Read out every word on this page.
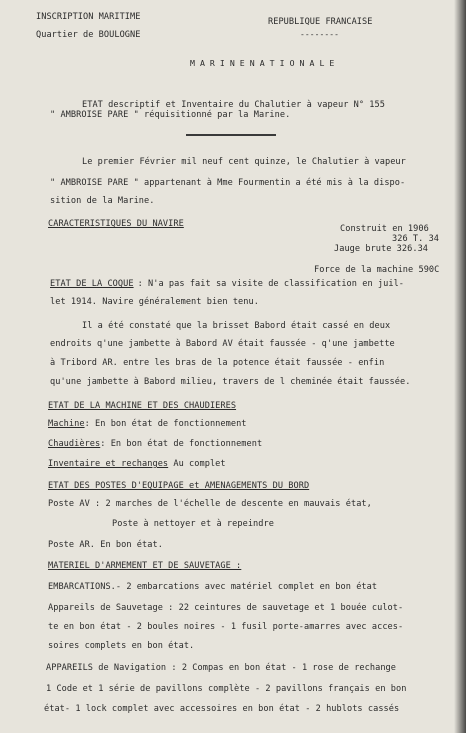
INSCRIPTION MARITIME
Quartier de BOULOGNE
REPUBLIQUE FRANCAISE
--------
M A R I N E N A T I O N A L E
ETAT descriptif et Inventaire du Chalutier à vapeur N° 155
" AMBROISE PARE " réquisitionné par la Marine.
Le premier Février mil neuf cent quinze, le Chalutier à vapeur
" AMBROISE PARE " appartenant à Mme Fourmentin a été mis à la dispo-
sition de la Marine.
CARACTERISTIQUES DU NAVIRE	Construit en 1906
326 T. 34
Jauge brute 326.34
Force de la machine 590C
ETAT DE LA COQUE : N'a pas fait sa visite de classification en juil-
let 1914. Navire généralement bien tenu.
Il a été constaté que la brisset Babord était cassé en deux
endroits q'une jambette à Babord AV était faussée - q'une jambette
à Tribord AR. entre les bras de la potence était faussée - enfin
qu'une jambette à Babord milieu, travers de l cheminée était faussée.
ETAT DE LA MACHINE ET DES CHAUDIERES
Machine: En bon état de fonctionnement
Chaudières: En bon état de fonctionnement
Inventaire et rechanges Au complet
ETAT DES POSTES D'EQUIPAGE et AMENAGEMENTS DU BORD
Poste AV : 2 marches de l'échelle de descente en mauvais état,
Poste à nettoyer et à repeindre
Poste AR. En bon état.
MATERIEL D'ARMEMENT ET DE SAUVETAGE :
EMBARCATIONS.- 2 embarcations avec matériel complet en bon état
Appareils de Sauvetage : 22 ceintures de sauvetage et 1 bouée culot-
te en bon état - 2 boules noires - 1 fusil porte-amarres avec acces-
soires complets en bon état.
APPAREILS de Navigation : 2 Compas en bon état - 1 rose de rechange
1 Code et 1 série de pavillons complète - 2 pavillons français en bon
état- 1 lock complet avec accessoires en bon état - 2 hublots cassés
